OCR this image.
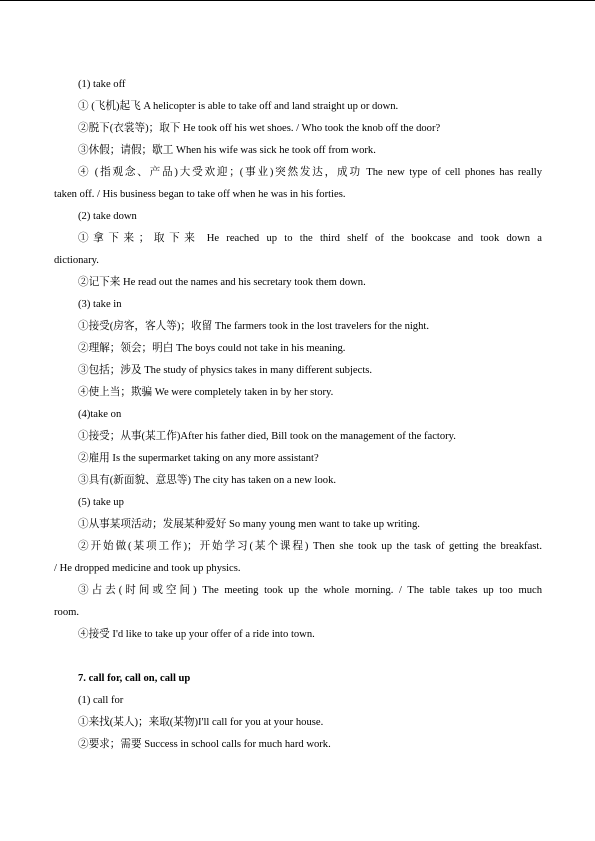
(1) take off
① (飞机)起飞 A helicopter is able to take off and land straight up or down.
②脱下(衣裳等)；取下 He took off his wet shoes. / Who took the knob off the door?
③休假；请假；歇工 When his wife was sick he took off from work.
④ (指观念、产品)大受欢迎；(事业)突然发达，成功 The new type of cell phones has really
taken off. / His business began to take off when he was in his forties.
(2) take down
①拿下来；取下来 He reached up to the third shelf of the bookcase and took down a
dictionary.
②记下来 He read out the names and his secretary took them down.
(3) take in
①接受(房客，客人等)；收留 The farmers took in the lost travelers for the night.
②理解；领会；明白 The boys could not take in his meaning.
③包括；涉及 The study of physics takes in many different subjects.
④使上当；欺骗 We were completely taken in by her story.
(4)take on
①接受；从事(某工作)After his father died, Bill took on the management of the factory.
②雇用 Is the supermarket taking on any more assistant?
③具有(新面貌、意思等) The city has taken on a new look.
(5) take up
①从事某项活动；发展某种爱好 So many young men want to take up writing.
②开始做(某项工作)；开始学习(某个课程) Then she took up the task of getting the breakfast.
/ He dropped medicine and took up physics.
③占去(时间或空间) The meeting took up the whole morning. / The table takes up too much
room.
④接受 I'd like to take up your offer of a ride into town.
7. call for, call on, call up
(1) call for
①来找(某人)；来取(某物)I'll call for you at your house.
②要求；需要 Success in school calls for much hard work.
